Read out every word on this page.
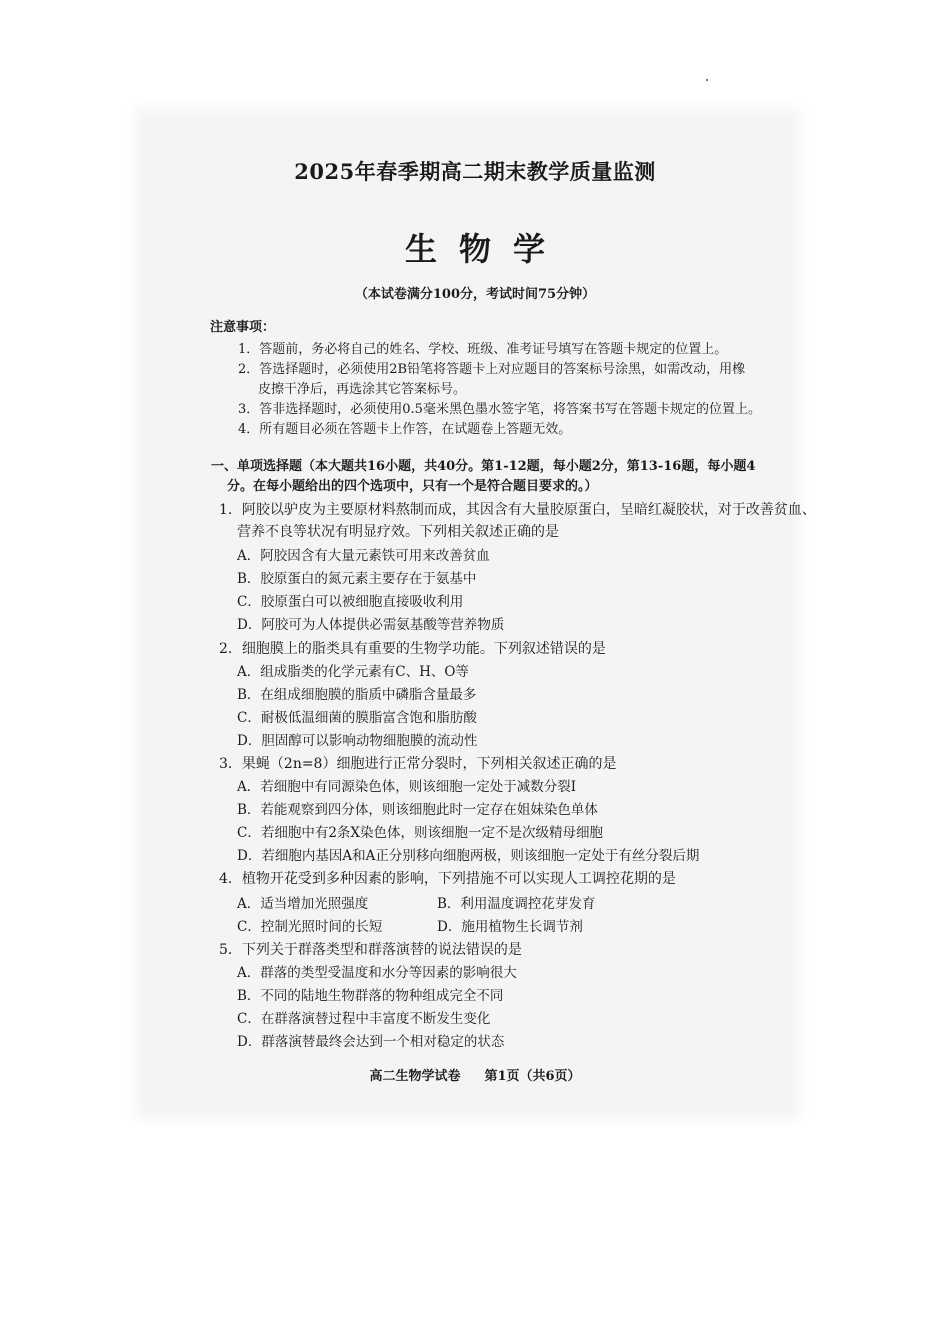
2025年春季期高二期末教学质量监测
生物学
（本试卷满分100分，考试时间75分钟）
注意事项：
1．答题前，务必将自己的姓名、学校、班级、准考证号填写在答题卡规定的位置上。
2．答选择题时，必须使用2B铅笔将答题卡上对应题目的答案标号涂黑，如需改动，用橡
皮擦干净后，再选涂其它答案标号。
3．答非选择题时，必须使用0.5毫米黑色墨水签字笔，将答案书写在答题卡规定的位置上。
4．所有题目必须在答题卡上作答，在试题卷上答题无效。
一、单项选择题（本大题共16小题，共40分。第1-12题，每小题2分，第13-16题，每小题4
分。在每小题给出的四个选项中，只有一个是符合题目要求的。）
1．阿胶以驴皮为主要原材料熬制而成，其因含有大量胶原蛋白，呈暗红凝胶状，对于改善贫血、
营养不良等状况有明显疗效。下列相关叙述正确的是
A．阿胶因含有大量元素铁可用来改善贫血
B．胶原蛋白的氮元素主要存在于氨基中
C．胶原蛋白可以被细胞直接吸收利用
D．阿胶可为人体提供必需氨基酸等营养物质
2．细胞膜上的脂类具有重要的生物学功能。下列叙述错误的是
A．组成脂类的化学元素有C、H、O等
B．在组成细胞膜的脂质中磷脂含量最多
C．耐极低温细菌的膜脂富含饱和脂肪酸
D．胆固醇可以影响动物细胞膜的流动性
3．果蝇（2n=8）细胞进行正常分裂时，下列相关叙述正确的是
A．若细胞中有同源染色体，则该细胞一定处于减数分裂Ⅰ
B．若能观察到四分体，则该细胞此时一定存在姐妹染色单体
C．若细胞中有2条X染色体，则该细胞一定不是次级精母细胞
D．若细胞内基因A和A正分别移向细胞两极，则该细胞一定处于有丝分裂后期
4．植物开花受到多种因素的影响，下列措施不可以实现人工调控花期的是
A．适当增加光照强度	B．利用温度调控花芽发育
C．控制光照时间的长短	D．施用植物生长调节剂
5．下列关于群落类型和群落演替的说法错误的是
A．群落的类型受温度和水分等因素的影响很大
B．不同的陆地生物群落的物种组成完全不同
C．在群落演替过程中丰富度不断发生变化
D．群落演替最终会达到一个相对稳定的状态
高二生物学试卷 第1页（共6页）
